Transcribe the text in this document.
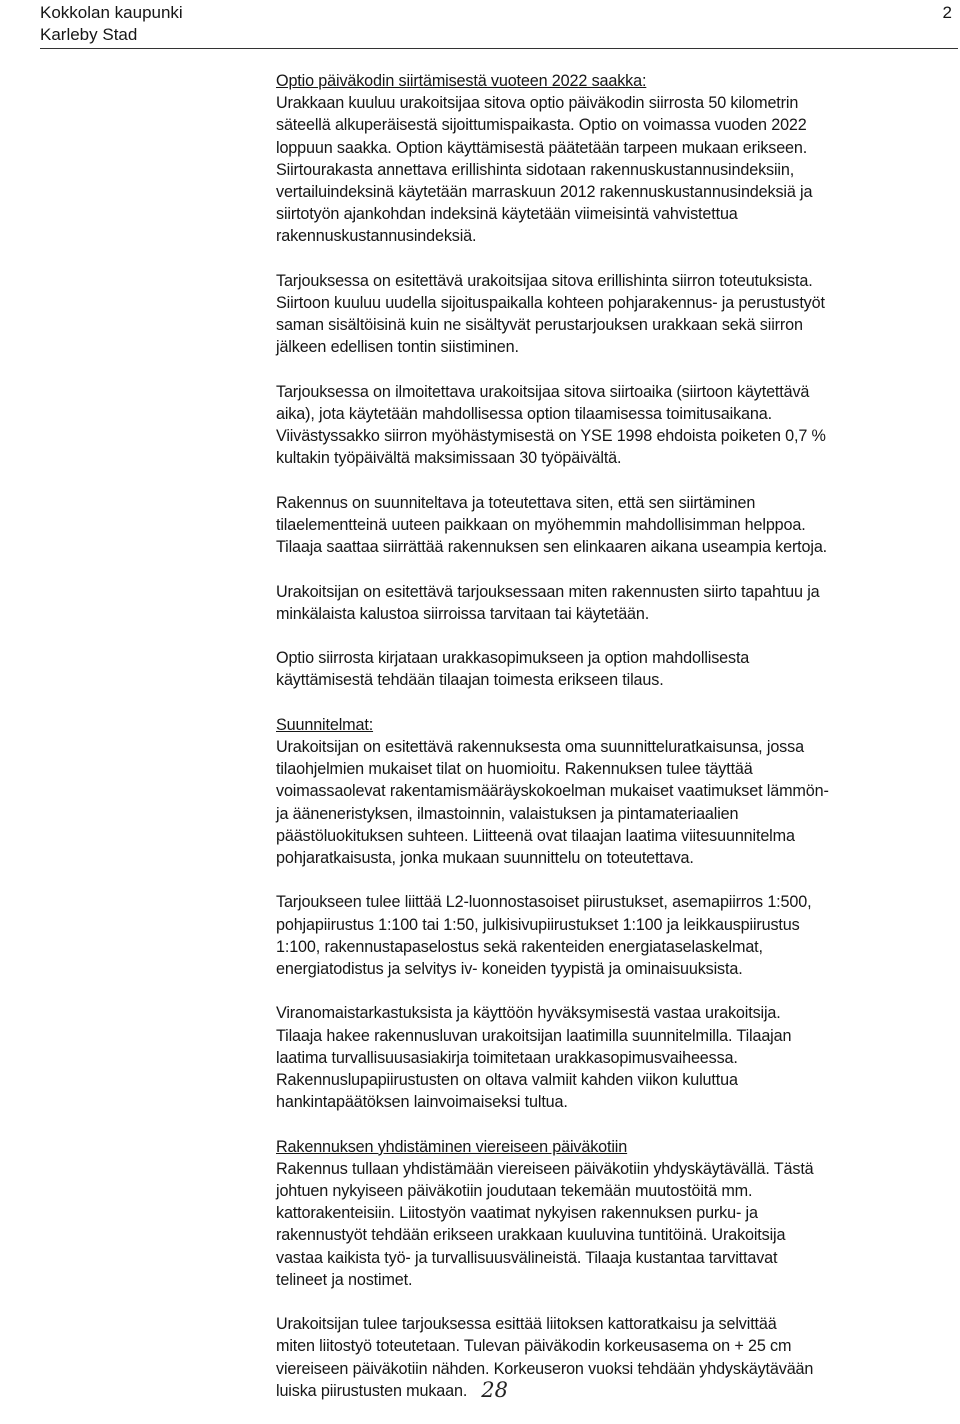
Kokkolan kaupunki
Karleby Stad
2
Optio päiväkodin siirtämisestä vuoteen 2022 saakka:
Urakkaan kuuluu urakoitsijaa sitova optio päiväkodin siirrosta 50 kilometrin
säteellä alkuperäisestä sijoittumispaikasta. Optio on voimassa vuoden 2022
loppuun saakka. Option käyttämisestä päätetään tarpeen mukaan erikseen.
Siirtourakasta annettava erillishinta sidotaan rakennuskustannusindeksiin,
vertailuindeksinä käytetään marraskuun 2012 rakennuskustannusindeksiä ja
siirtotyön ajankohdan indeksinä käytetään viimeisintä vahvistettua
rakennuskustannusindeksiä.
Tarjouksessa on esitettävä urakoitsijaa sitova erillishinta siirron toteutuksista.
Siirtoon kuuluu uudella sijoituspaikalla kohteen pohjarakennus- ja perustustyöt
saman sisältöisinä kuin ne sisältyvät perustarjouksen urakkaan sekä siirron
jälkeen edellisen tontin siistiminen.
Tarjouksessa on ilmoitettava urakoitsijaa sitova siirtoaika (siirtoon käytettävä
aika), jota käytetään mahdollisessa option tilaamisessa toimitusaikana.
Viivästyssakko siirron myöhästymisestä on YSE 1998 ehdoista poiketen 0,7 %
kultakin työpäivältä maksimissaan 30 työpäivältä.
Rakennus on suunniteltava ja toteutettava siten, että sen siirtäminen
tilaelementteinä uuteen paikkaan on myöhemmin mahdollisimman helppoa.
Tilaaja saattaa siirrättää rakennuksen sen elinkaaren aikana useampia kertoja.
Urakoitsijan on esitettävä tarjouksessaan miten rakennusten siirto tapahtuu ja
minkälaista kalustoa siirroissa tarvitaan tai käytetään.
Optio siirrosta kirjataan urakkasopimukseen ja option mahdollisesta
käyttämisestä tehdään tilaajan toimesta erikseen tilaus.
Suunnitelmat:
Urakoitsijan on esitettävä rakennuksesta oma suunnitteluratkaisunsa, jossa
tilaohjelmien mukaiset tilat on huomioitu. Rakennuksen tulee täyttää
voimassaolevat rakentamismääräyskokoelman mukaiset vaatimukset lämmön-
ja ääneneristyksen, ilmastoinnin, valaistuksen ja pintamateriaalien
päästöluokituksen suhteen. Liitteenä ovat tilaajan laatima viitesuunnitelma
pohjaratkaisusta, jonka mukaan suunnittelu on toteutettava.
Tarjoukseen tulee liittää L2-luonnostasoiset piirustukset, asemapiirros 1:500,
pohjapiirustus 1:100 tai 1:50, julkisivupiirustukset 1:100 ja leikkauspiirustus
1:100, rakennustapaselostus sekä rakenteiden energiataselaskelmat,
energiatodistus ja selvitys iv- koneiden tyypistä ja ominaisuuksista.
Viranomaistarkastuksista ja käyttöön hyväksymisestä vastaa urakoitsija.
Tilaaja hakee rakennusluvan urakoitsijan laatimilla suunnitelmilla. Tilaajan
laatima turvallisuusasiakirja toimitetaan urakkasopimusvaiheessa.
Rakennuslupapiirustusten on oltava valmiit kahden viikon kuluttua
hankintapäätöksen lainvoimaiseksi tultua.
Rakennuksen yhdistäminen viereiseen päiväkotiin
Rakennus tullaan yhdistämään viereiseen päiväkotiin yhdyskäytävällä. Tästä
johtuen nykyiseen päiväkotiin joudutaan tekemään muutostöitä mm.
kattorakenteisiin. Liitostyön vaatimat nykyisen rakennuksen purku- ja
rakennustyöt tehdään erikseen urakkaan kuuluvina tuntitöinä. Urakoitsija
vastaa kaikista työ- ja turvallisuusvälineistä. Tilaaja kustantaa tarvittavat
telineet ja nostimet.
Urakoitsijan tulee tarjouksessa esittää liitoksen kattoratkaisu ja selvittää
miten liitostyö toteutetaan. Tulevan päiväkodin korkeusasema on + 25 cm
viereiseen päiväkotiin nähden. Korkeuseron vuoksi tehdään yhdyskäytävään
luiska piirustusten mukaan. 28
